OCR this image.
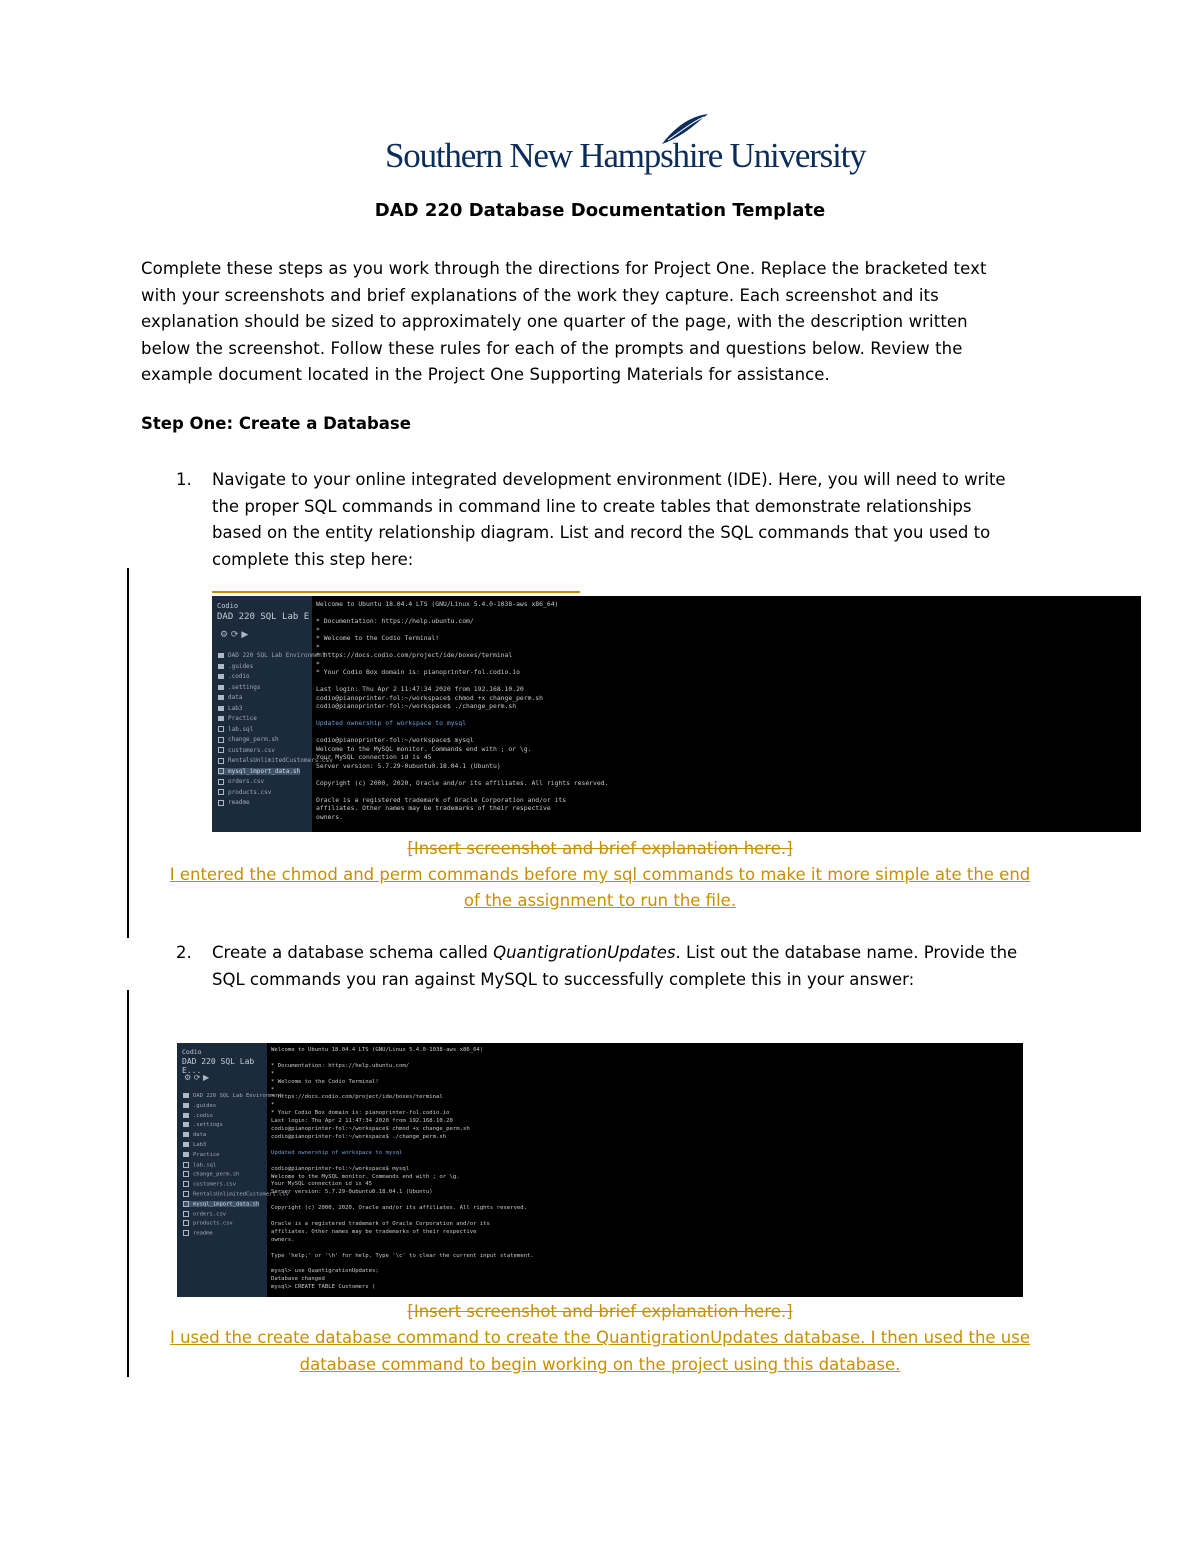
Southern New Hampshire University
DAD 220 Database Documentation Template
Complete these steps as you work through the directions for Project One. Replace the bracketed text
with your screenshots and brief explanations of the work they capture. Each screenshot and its
explanation should be sized to approximately one quarter of the page, with the description written
below the screenshot. Follow these rules for each of the prompts and questions below. Review the
example document located in the Project One Supporting Materials for assistance.
Step One: Create a Database
1. Navigate to your online integrated development environment (IDE). Here, you will need to write
the proper SQL commands in command line to create tables that demonstrate relationships
based on the entity relationship diagram. List and record the SQL commands that you used to
complete this step here:
Codio
DAD 220 SQL Lab E
⚙ ⟳ ▶
DAD 220 SQL Lab Environment
.guides
.codio
.settings
data
Lab3
Practice
lab.sql
change_perm.sh
customers.csv
RentalsUnlimitedCustomers.csv
mysql_import_data.sh
orders.csv
products.csv
readme
Welcome to Ubuntu 18.04.4 LTS (GNU/Linux 5.4.0-1038-aws x86_64)

* Documentation: https://help.ubuntu.com/
*
* Welcome to the Codio Terminal!
*
* https://docs.codio.com/project/ide/boxes/terminal
*
* Your Codio Box domain is: pianoprinter-fol.codio.io

Last login: Thu Apr 2 11:47:34 2020 from 192.168.10.20
codio@pianoprinter-fol:~/workspace$ chmod +x change_perm.sh
codio@pianoprinter-fol:~/workspace$ ./change_perm.sh

Updated ownership of workspace to mysql

codio@pianoprinter-fol:~/workspace$ mysql
Welcome to the MySQL monitor. Commands end with ; or \g.
Your MySQL connection id is 45
Server version: 5.7.29-0ubuntu0.18.04.1 (Ubuntu)

Copyright (c) 2000, 2020, Oracle and/or its affiliates. All rights reserved.

Oracle is a registered trademark of Oracle Corporation and/or its
affiliates. Other names may be trademarks of their respective
owners.
[Insert screenshot and brief explanation here.]
I entered the chmod and perm commands before my sql commands to make it more simple ate the end
of the assignment to run the file.
2. Create a database schema called QuantigrationUpdates. List out the database name. Provide the
SQL commands you ran against MySQL to successfully complete this in your answer:
Codio
DAD 220 SQL Lab E...
⚙ ⟳ ▶
DAD 220 SQL Lab Environment
.guides
.codio
.settings
data
Lab3
Practice
lab.sql
change_perm.sh
customers.csv
RentalsUnlimitedCustomers.csv
mysql_import_data.sh
orders.csv
products.csv
readme
Welcome to Ubuntu 18.04.4 LTS (GNU/Linux 5.4.0-1038-aws x86_64)

* Documentation: https://help.ubuntu.com/
*
* Welcome to the Codio Terminal!
*
* https://docs.codio.com/project/ide/boxes/terminal
*
* Your Codio Box domain is: pianoprinter-fol.codio.io
Last login: Thu Apr 2 11:47:34 2020 from 192.168.10.20
codio@pianoprinter-fol:~/workspace$ chmod +x change_perm.sh
codio@pianoprinter-fol:~/workspace$ ./change_perm.sh

Updated ownership of workspace to mysql

codio@pianoprinter-fol:~/workspace$ mysql
Welcome to the MySQL monitor. Commands end with ; or \g.
Your MySQL connection id is 45
Server version: 5.7.29-0ubuntu0.18.04.1 (Ubuntu)

Copyright (c) 2000, 2020, Oracle and/or its affiliates. All rights reserved.

Oracle is a registered trademark of Oracle Corporation and/or its
affiliates. Other names may be trademarks of their respective
owners.

Type 'help;' or '\h' for help. Type '\c' to clear the current input statement.

mysql> use QuantigrationUpdates;
Database changed
mysql> CREATE TABLE Customers (
[Insert screenshot and brief explanation here.]
I used the create database command to create the QuantigrationUpdates database. I then used the use
database command to begin working on the project using this database.
